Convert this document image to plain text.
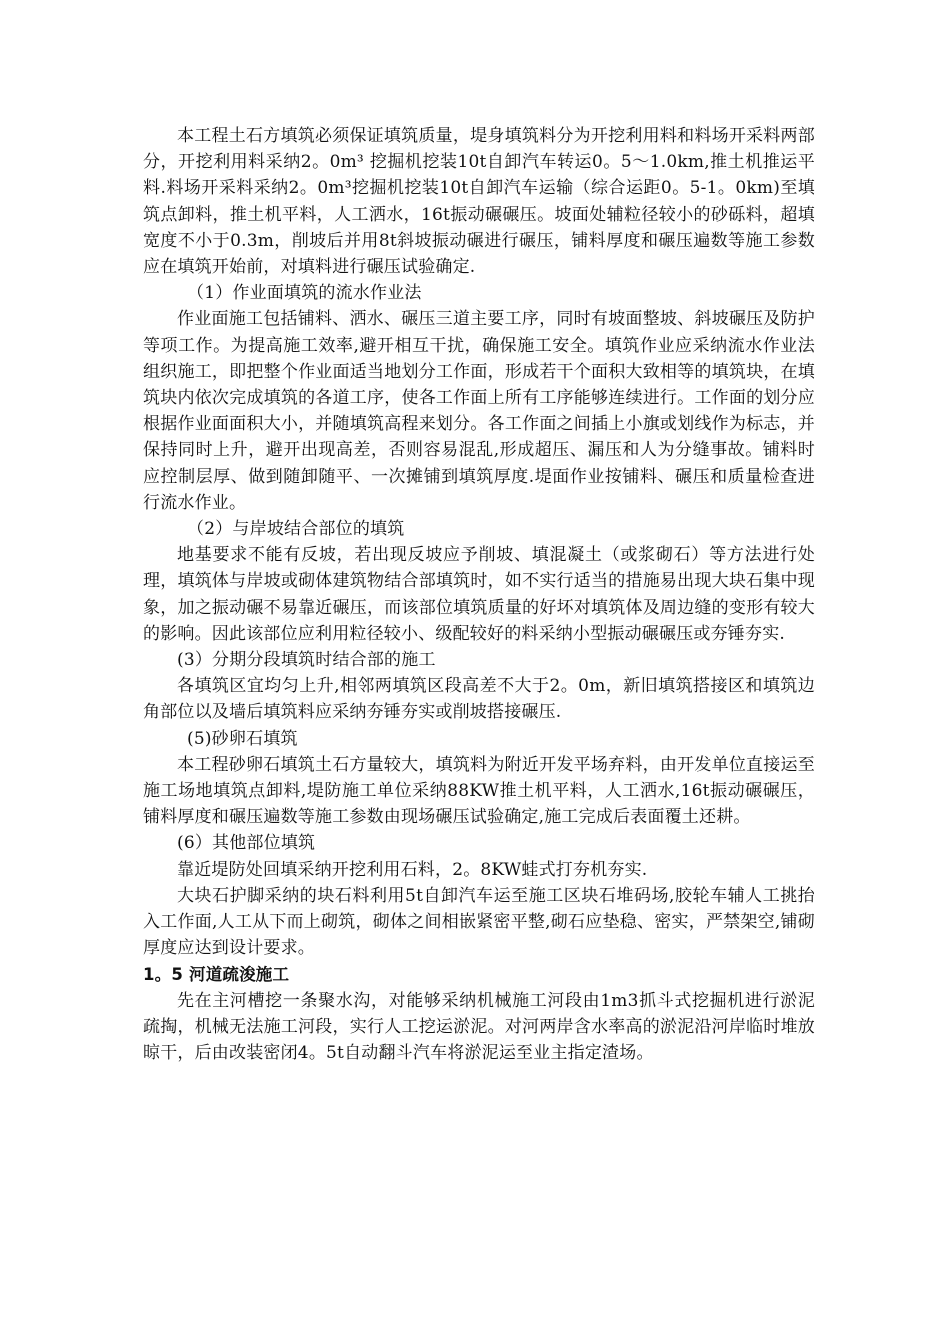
本工程土石方填筑必须保证填筑质量，堤身填筑料分为开挖利用料和料场开采料两部分，开挖利用料采纳2。0m³ 挖掘机挖装10t自卸汽车转运0。5～1.0km,推土机推运平料.料场开采料采纳2。0m³挖掘机挖装10t自卸汽车运输（综合运距0。5-1。0km)至填筑点卸料，推土机平料，人工洒水，16t振动碾碾压。坡面处辅粒径较小的砂砾料，超填宽度不小于0.3m，削坡后并用8t斜坡振动碾进行碾压，铺料厚度和碾压遍数等施工参数应在填筑开始前，对填料进行碾压试验确定.

（1）作业面填筑的流水作业法

作业面施工包括铺料、洒水、碾压三道主要工序，同时有坡面整坡、斜坡碾压及防护等项工作。为提高施工效率,避开相互干扰，确保施工安全。填筑作业应采纳流水作业法组织施工，即把整个作业面适当地划分工作面，形成若干个面积大致相等的填筑块，在填筑块内依次完成填筑的各道工序，使各工作面上所有工序能够连续进行。工作面的划分应根据作业面面积大小，并随填筑高程来划分。各工作面之间插上小旗或划线作为标志，并保持同时上升，避开出现高差，否则容易混乱,形成超压、漏压和人为分缝事故。铺料时应控制层厚、做到随卸随平、一次摊铺到填筑厚度.堤面作业按铺料、碾压和质量检查进行流水作业。

（2）与岸坡结合部位的填筑

地基要求不能有反坡，若出现反坡应予削坡、填混凝土（或浆砌石）等方法进行处理，填筑体与岸坡或砌体建筑物结合部填筑时，如不实行适当的措施易出现大块石集中现象，加之振动碾不易靠近碾压，而该部位填筑质量的好坏对填筑体及周边缝的变形有较大的影响。因此该部位应利用粒径较小、级配较好的料采纳小型振动碾碾压或夯锤夯实.

(3）分期分段填筑时结合部的施工

各填筑区宜均匀上升,相邻两填筑区段高差不大于2。0m，新旧填筑搭接区和填筑边角部位以及墙后填筑料应采纳夯锤夯实或削坡搭接碾压.

(5)砂卵石填筑

本工程砂卵石填筑土石方量较大，填筑料为附近开发平场弃料，由开发单位直接运至施工场地填筑点卸料,堤防施工单位采纳88KW推土机平料，人工洒水,16t振动碾碾压，铺料厚度和碾压遍数等施工参数由现场碾压试验确定,施工完成后表面覆土还耕。

(6）其他部位填筑

靠近堤防处回填采纳开挖利用石料，2。8KW蛙式打夯机夯实.

大块石护脚采纳的块石料利用5t自卸汽车运至施工区块石堆码场,胶轮车辅人工挑抬入工作面,人工从下而上砌筑，砌体之间相嵌紧密平整,砌石应垫稳、密实，严禁架空,铺砌厚度应达到设计要求。

1。5 河道疏浚施工

先在主河槽挖一条聚水沟，对能够采纳机械施工河段由1m3抓斗式挖掘机进行淤泥疏掏，机械无法施工河段，实行人工挖运淤泥。对河两岸含水率高的淤泥沿河岸临时堆放晾干，后由改装密闭4。5t自动翻斗汽车将淤泥运至业主指定渣场。
